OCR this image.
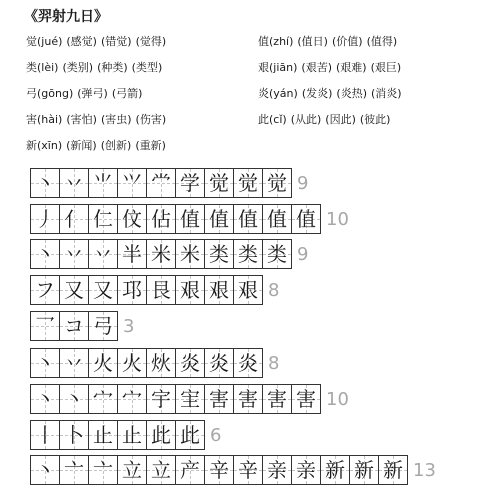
《羿射九日》
觉(jué) (感觉) (错觉) (觉得)	值(zhí) (值日) (价值) (值得)
类(lèi) (类别) (种类) (类型)	艰(jiān) (艰苦) (艰难) (艰巨)
弓(gōng) (弹弓) (弓箭)	炎(yán) (发炎) (炎热) (消炎)
害(hài) (害怕) (害虫) (伤害)	此(cǐ) (从此) (因此) (彼此)
新(xīn) (新闻) (创新) (重新)
丶 丷 ⺌ ⺍ 龸 学 觉 觉 觉 9
丿 亻 仁 伩 佔 值 值 值 值 值 10
丶 丷 丷 半 米 米 类 类 类 9
フ 又 又 邛 艮 艰 艰 艰 8
乛 コ 弓 3
丶 丷 火 火 炏 炎 炎 炎 8
丶 丶 宀 宀 宇 宔 害 害 害 害 10
丨 卜 止 止 此 此 6
丶 亠 亠 立 立 产 辛 辛 亲 亲 新 新 新 13
